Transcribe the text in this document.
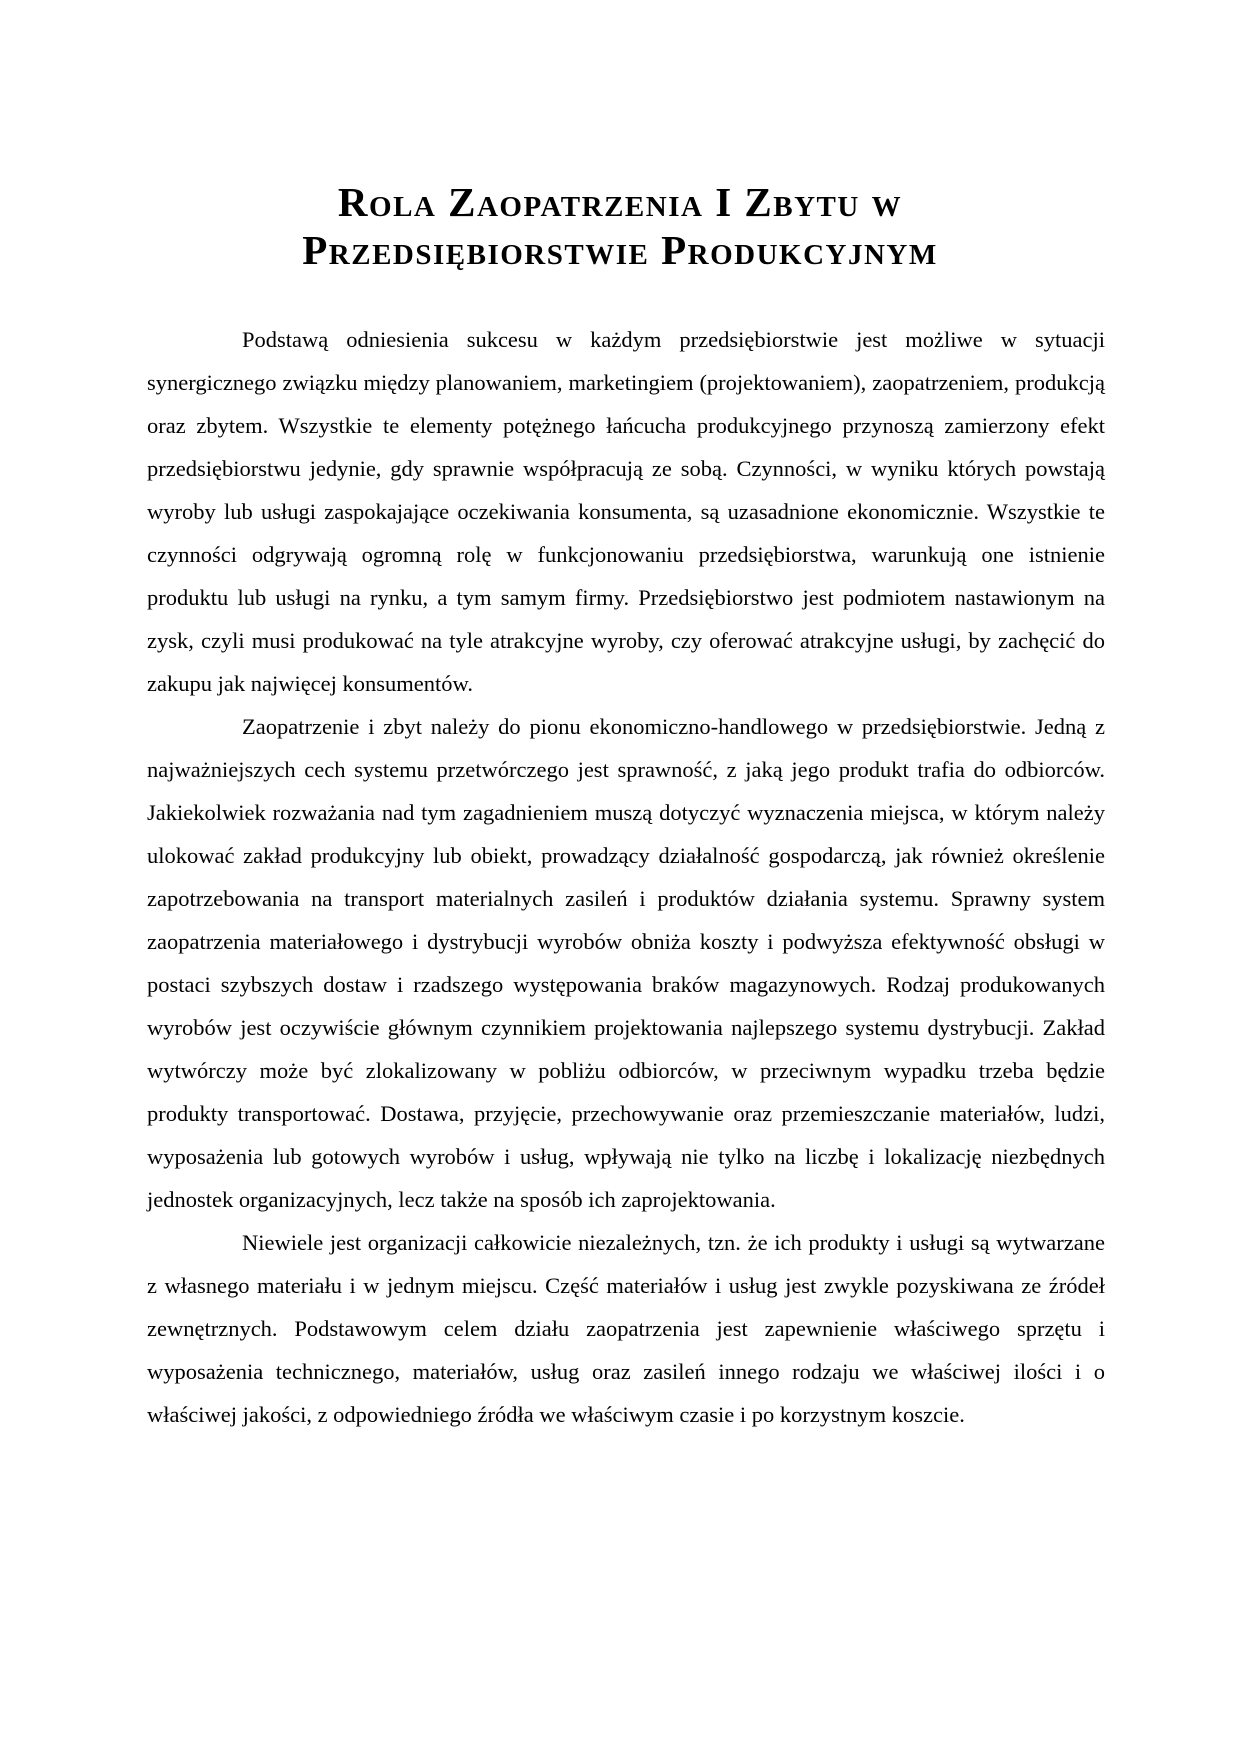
Rola Zaopatrzenia I Zbytu w
Przedsiębiorstwie Produkcyjnym

Podstawą odniesienia sukcesu w każdym przedsiębiorstwie jest możliwe w sytuacji synergicznego związku między planowaniem, marketingiem (projektowaniem), zaopatrzeniem, produkcją oraz zbytem. Wszystkie te elementy potężnego łańcucha produkcyjnego przynoszą zamierzony efekt przedsiębiorstwu jedynie, gdy sprawnie współpracują ze sobą. Czynności, w wyniku których powstają wyroby lub usługi zaspokajające oczekiwania konsumenta, są uzasadnione ekonomicznie. Wszystkie te czynności odgrywają ogromną rolę w funkcjonowaniu przedsiębiorstwa, warunkują one istnienie produktu lub usługi na rynku, a tym samym firmy. Przedsiębiorstwo jest podmiotem nastawionym na zysk, czyli musi produkować na tyle atrakcyjne wyroby, czy oferować atrakcyjne usługi, by zachęcić do zakupu jak najwięcej konsumentów.

Zaopatrzenie i zbyt należy do pionu ekonomiczno-handlowego w przedsiębiorstwie. Jedną z najważniejszych cech systemu przetwórczego jest sprawność, z jaką jego produkt trafia do odbiorców. Jakiekolwiek rozważania nad tym zagadnieniem muszą dotyczyć wyznaczenia miejsca, w którym należy ulokować zakład produkcyjny lub obiekt, prowadzący działalność gospodarczą, jak również określenie zapotrzebowania na transport materialnych zasileń i produktów działania systemu. Sprawny system zaopatrzenia materiałowego i dystrybucji wyrobów obniża koszty i podwyższa efektywność obsługi w postaci szybszych dostaw i rzadszego występowania braków magazynowych. Rodzaj produkowanych wyrobów jest oczywiście głównym czynnikiem projektowania najlepszego systemu dystrybucji. Zakład wytwórczy może być zlokalizowany w pobliżu odbiorców, w przeciwnym wypadku trzeba będzie produkty transportować. Dostawa, przyjęcie, przechowywanie oraz przemieszczanie materiałów, ludzi, wyposażenia lub gotowych wyrobów i usług, wpływają nie tylko na liczbę i lokalizację niezbędnych jednostek organizacyjnych, lecz także na sposób ich zaprojektowania.

Niewiele jest organizacji całkowicie niezależnych, tzn. że ich produkty i usługi są wytwarzane z własnego materiału i w jednym miejscu. Część materiałów i usług jest zwykle pozyskiwana ze źródeł zewnętrznych. Podstawowym celem działu zaopatrzenia jest zapewnienie właściwego sprzętu i wyposażenia technicznego, materiałów, usług oraz zasileń innego rodzaju we właściwej ilości i o właściwej jakości, z odpowiedniego źródła we właściwym czasie i po korzystnym koszcie.
